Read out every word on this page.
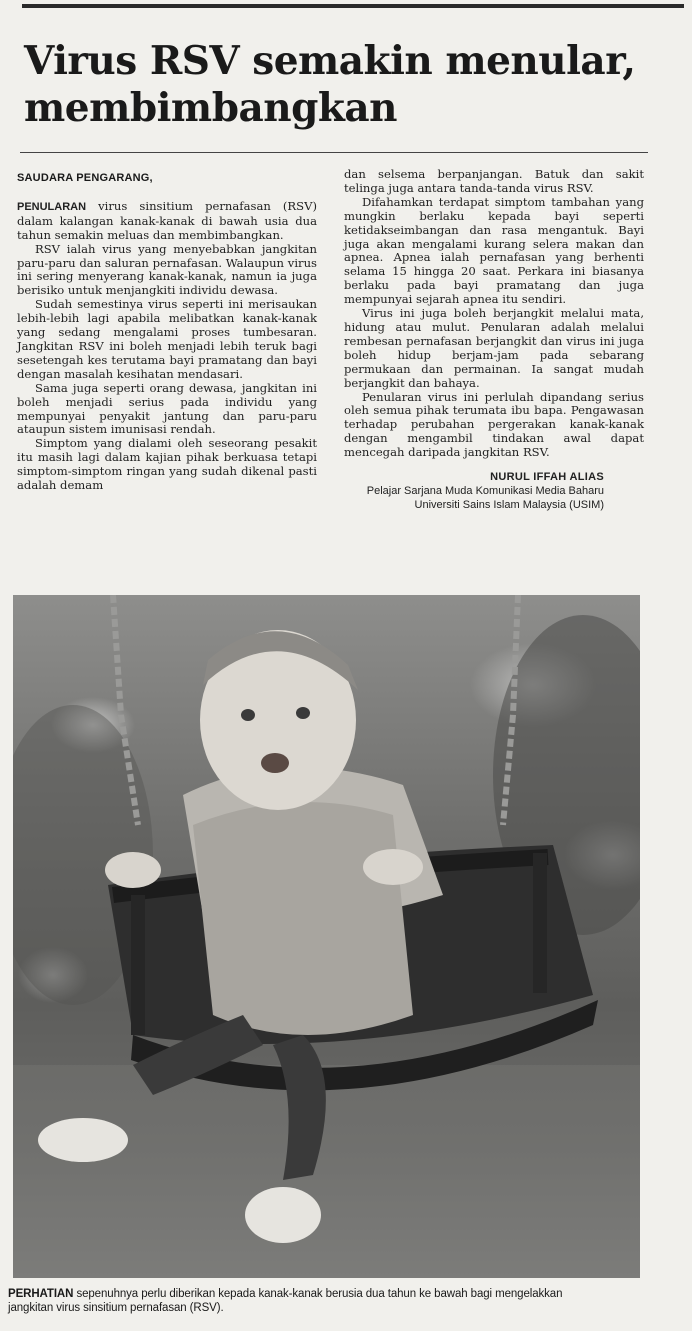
Virus RSV semakin menular, membimbangkan
SAUDARA PENGARANG,

PENULARAN virus sinsitium pernafasan (RSV) dalam kalangan kanak-kanak di bawah usia dua tahun semakin meluas dan membimbangkan.

RSV ialah virus yang menyebabkan jangkitan paru-paru dan saluran pernafasan. Walaupun virus ini sering menyerang kanak-kanak, namun ia juga berisiko untuk menjangkiti individu dewasa.

Sudah semestinya virus seperti ini merisaukan lebih-lebih lagi apabila melibatkan kanak-kanak yang sedang mengalami proses tumbesaran. Jangkitan RSV ini boleh menjadi lebih teruk bagi sesetengah kes terutama bayi pramatang dan bayi dengan masalah kesihatan mendasari.

Sama juga seperti orang dewasa, jangkitan ini boleh menjadi serius pada individu yang mempunyai penyakit jantung dan paru-paru ataupun sistem imunisasi rendah.

Simptom yang dialami oleh seseorang pesakit itu masih lagi dalam kajian pihak berkuasa tetapi simptom-simptom ringan yang sudah dikenal pasti adalah demam

dan selsema berpanjangan. Batuk dan sakit telinga juga antara tanda-tanda virus RSV.

Difahamkan terdapat simptom tambahan yang mungkin berlaku kepada bayi seperti ketidakseimbangan dan rasa mengantuk. Bayi juga akan mengalami kurang selera makan dan apnea. Apnea ialah pernafasan yang berhenti selama 15 hingga 20 saat. Perkara ini biasanya berlaku pada bayi pramatang dan juga mempunyai sejarah apnea itu sendiri.

Virus ini juga boleh berjangkit melalui mata, hidung atau mulut. Penularan adalah melalui rembesan pernafasan berjangkit dan virus ini juga boleh hidup berjam-jam pada sebarang permukaan dan permainan. Ia sangat mudah berjangkit dan bahaya.

Penularan virus ini perlulah dipandang serius oleh semua pihak terumata ibu bapa. Pengawasan terhadap perubahan pergerakan kanak-kanak dengan mengambil tindakan awal dapat mencegah daripada jangkitan RSV.

NURUL IFFAH ALIAS
Pelajar Sarjana Muda Komunikasi Media Baharu
Universiti Sains Islam Malaysia (USIM)

PERHATIAN sepenuhnya perlu diberikan kepada kanak-kanak berusia dua tahun ke bawah bagi mengelakkan jangkitan virus sinsitium pernafasan (RSV).
